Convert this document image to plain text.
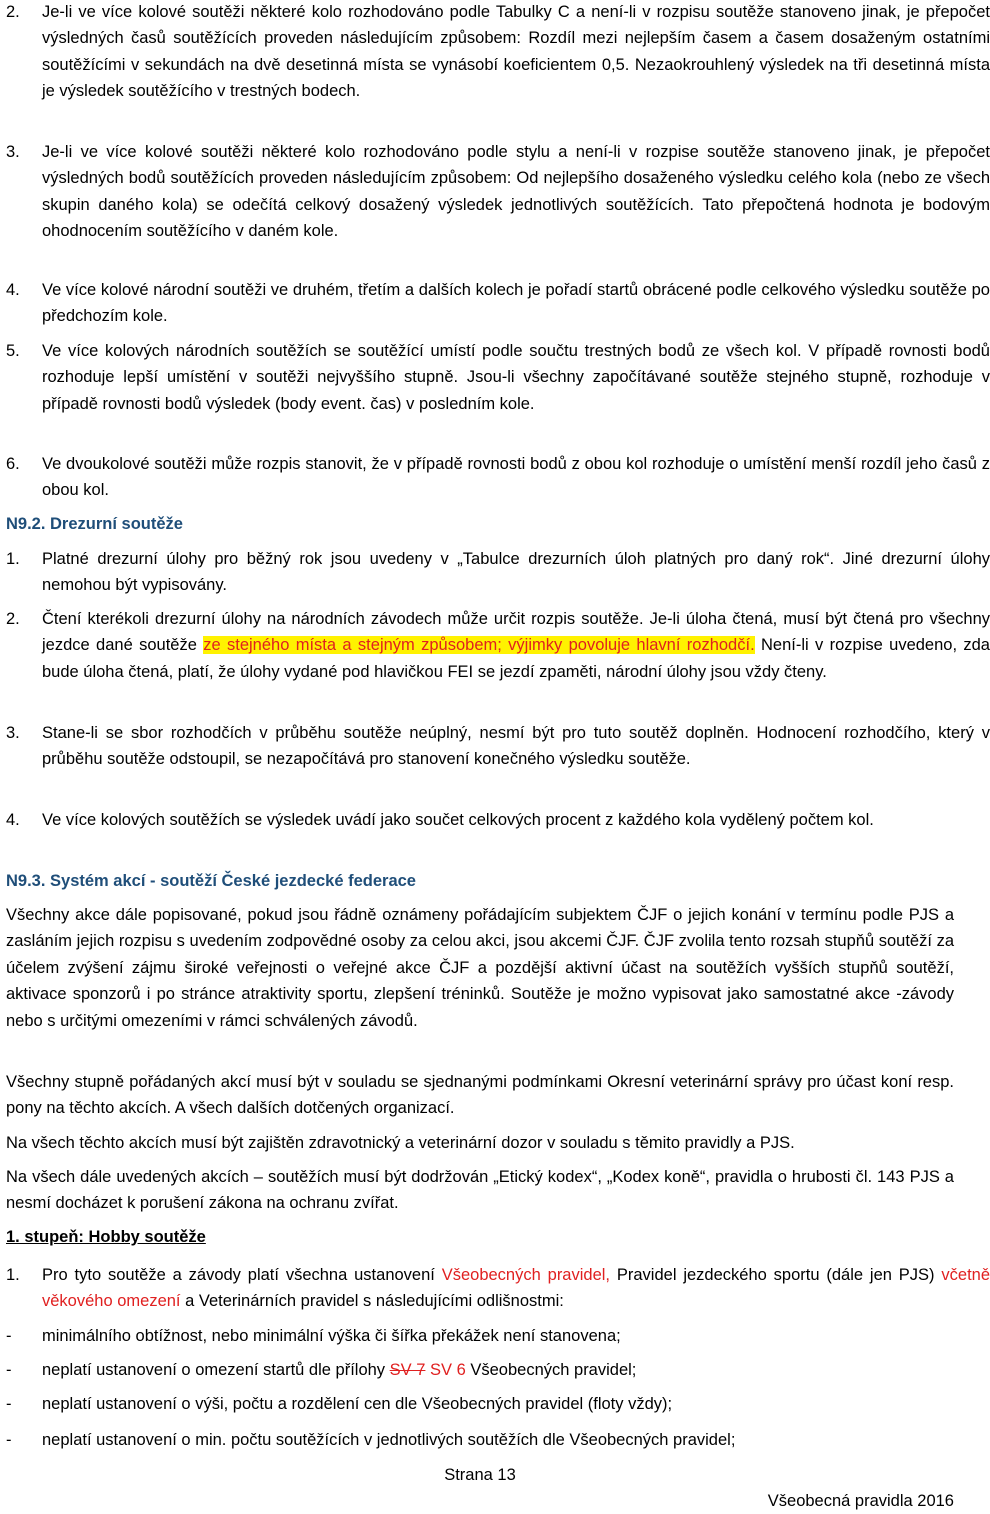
2. Je-li ve více kolové soutěži některé kolo rozhodováno podle Tabulky C a není-li v rozpisu soutěže stanoveno jinak, je přepočet výsledných časů soutěžících proveden následujícím způsobem: Rozdíl mezi nejlepším časem a časem dosaženým ostatními soutěžícími v sekundách na dvě desetinná místa se vynásobí koeficientem 0,5. Nezaokrouhlený výsledek na tři desetinná místa je výsledek soutěžícího v trestných bodech.

3. Je-li ve více kolové soutěži některé kolo rozhodováno podle stylu a není-li v rozpise soutěže stanoveno jinak, je přepočet výsledných bodů soutěžících proveden následujícím způsobem: Od nejlepšího dosaženého výsledku celého kola (nebo ze všech skupin daného kola) se odečítá celkový dosažený výsledek jednotlivých soutěžících. Tato přepočtená hodnota je bodovým ohodnocením soutěžícího v daném kole.

4. Ve více kolové národní soutěži ve druhém, třetím a dalších kolech je pořadí startů obrácené podle celkového výsledku soutěže po předchozím kole.

5. Ve více kolových národních soutěžích se soutěžící umístí podle součtu trestných bodů ze všech kol. V případě rovnosti bodů rozhoduje lepší umístění v soutěži nejvyššího stupně. Jsou-li všechny započítávané soutěže stejného stupně, rozhoduje v případě rovnosti bodů výsledek (body event. čas) v posledním kole.

6. Ve dvoukolové soutěži může rozpis stanovit, že v případě rovnosti bodů z obou kol rozhoduje o umístění menší rozdíl jeho časů z obou kol.

N9.2. Drezurní soutěže

1. Platné drezurní úlohy pro běžný rok jsou uvedeny v „Tabulce drezurních úloh platných pro daný rok“. Jiné drezurní úlohy nemohou být vypisovány.

2. Čtení kterékoli drezurní úlohy na národních závodech může určit rozpis soutěže. Je-li úloha čtená, musí být čtená pro všechny jezdce dané soutěže ze stejného místa a stejným způsobem; výjimky povoluje hlavní rozhodčí. Není-li v rozpise uvedeno, zda bude úloha čtená, platí, že úlohy vydané pod hlavičkou FEI se jezdí zpaměti, národní úlohy jsou vždy čteny.

3. Stane-li se sbor rozhodčích v průběhu soutěže neúplný, nesmí být pro tuto soutěž doplněn. Hodnocení rozhodčího, který v průběhu soutěže odstoupil, se nezapočítává pro stanovení konečného výsledku soutěže.

4. Ve více kolových soutěžích se výsledek uvádí jako součet celkových procent z každého kola vydělený počtem kol.

N9.3. Systém akcí - soutěží České jezdecké federace

Všechny akce dále popisované, pokud jsou řádně oznámeny pořádajícím subjektem ČJF o jejich konání v termínu podle PJS a zasláním jejich rozpisu s uvedením zodpovědné osoby za celou akci, jsou akcemi ČJF. ČJF zvolila tento rozsah stupňů soutěží za účelem zvýšení zájmu široké veřejnosti o veřejné akce ČJF a pozdější aktivní účast na soutěžích vyšších stupňů soutěží, aktivace sponzorů i po stránce atraktivity sportu, zlepšení tréninků. Soutěže je možno vypisovat jako samostatné akce -závody nebo s určitými omezeními v rámci schválených závodů.

Všechny stupně pořádaných akcí musí být v souladu se sjednanými podmínkami Okresní veterinární správy pro účast koní resp. pony na těchto akcích. A všech dalších dotčených organizací.

Na všech těchto akcích musí být zajištěn zdravotnický a veterinární dozor v souladu s těmito pravidly a PJS.

Na všech dále uvedených akcích – soutěžích musí být dodržován „Etický kodex“, „Kodex koně“, pravidla o hrubosti čl. 143 PJS a nesmí docházet k porušení zákona na ochranu zvířat.

1. stupeň: Hobby soutěže

1. Pro tyto soutěže a závody platí všechna ustanovení Všeobecných pravidel, Pravidel jezdeckého sportu (dále jen PJS) včetně věkového omezení a Veterinárních pravidel s následujícími odlišnostmi:

- minimálního obtížnost, nebo minimální výška či šířka překážek není stanovena;

- neplatí ustanovení o omezení startů dle přílohy SV 7 SV 6 Všeobecných pravidel;

- neplatí ustanovení o výši, počtu a rozdělení cen dle Všeobecných pravidel (floty vždy);

- neplatí ustanovení o min. počtu soutěžících v jednotlivých soutěžích dle Všeobecných pravidel;

Strana 13
Všeobecná pravidla 2016
